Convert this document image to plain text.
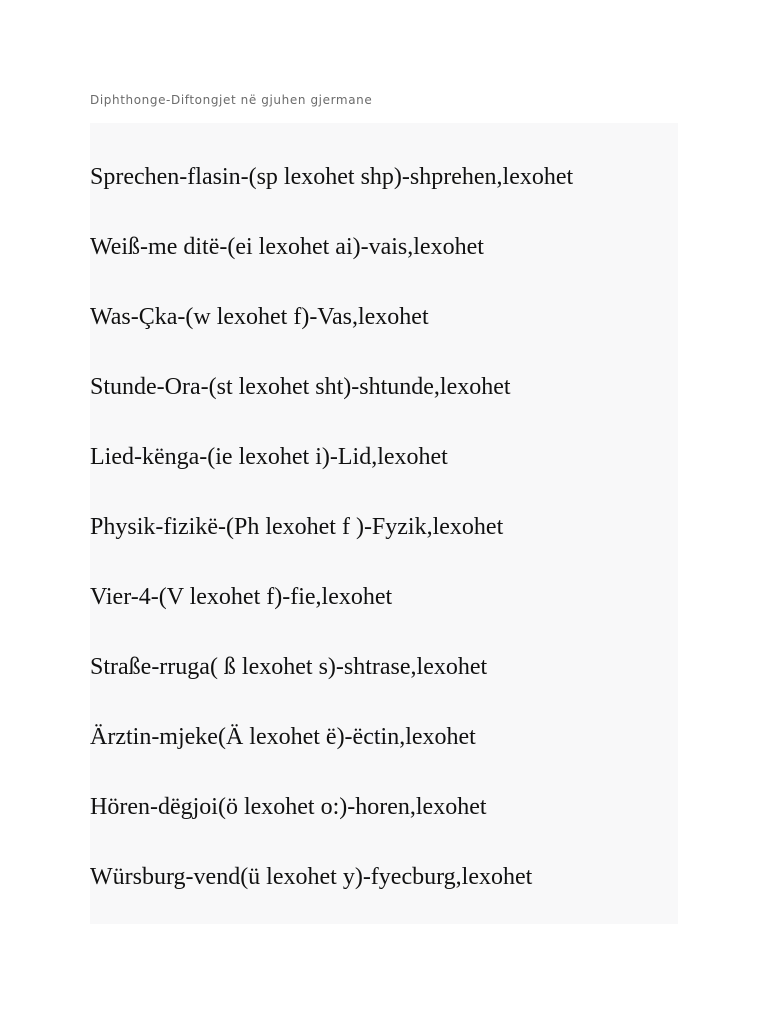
Diphthonge-Diftongjet në gjuhen gjermane
Sprechen-flasin-(sp lexohet shp)-shprehen,lexohet
Weiß-me ditë-(ei lexohet ai)-vais,lexohet
Was-Çka-(w lexohet f)-Vas,lexohet
Stunde-Ora-(st lexohet sht)-shtunde,lexohet
Lied-kënga-(ie lexohet i)-Lid,lexohet
Physik-fizikë-(Ph lexohet f )-Fyzik,lexohet
Vier-4-(V lexohet f)-fie,lexohet
Straße-rruga( ß lexohet s)-shtrase,lexohet
Ärztin-mjeke(Ä lexohet ë)-ëctin,lexohet
Hören-dëgjoi(ö lexohet o:)-horen,lexohet
Würsburg-vend(ü lexohet y)-fyecburg,lexohet
